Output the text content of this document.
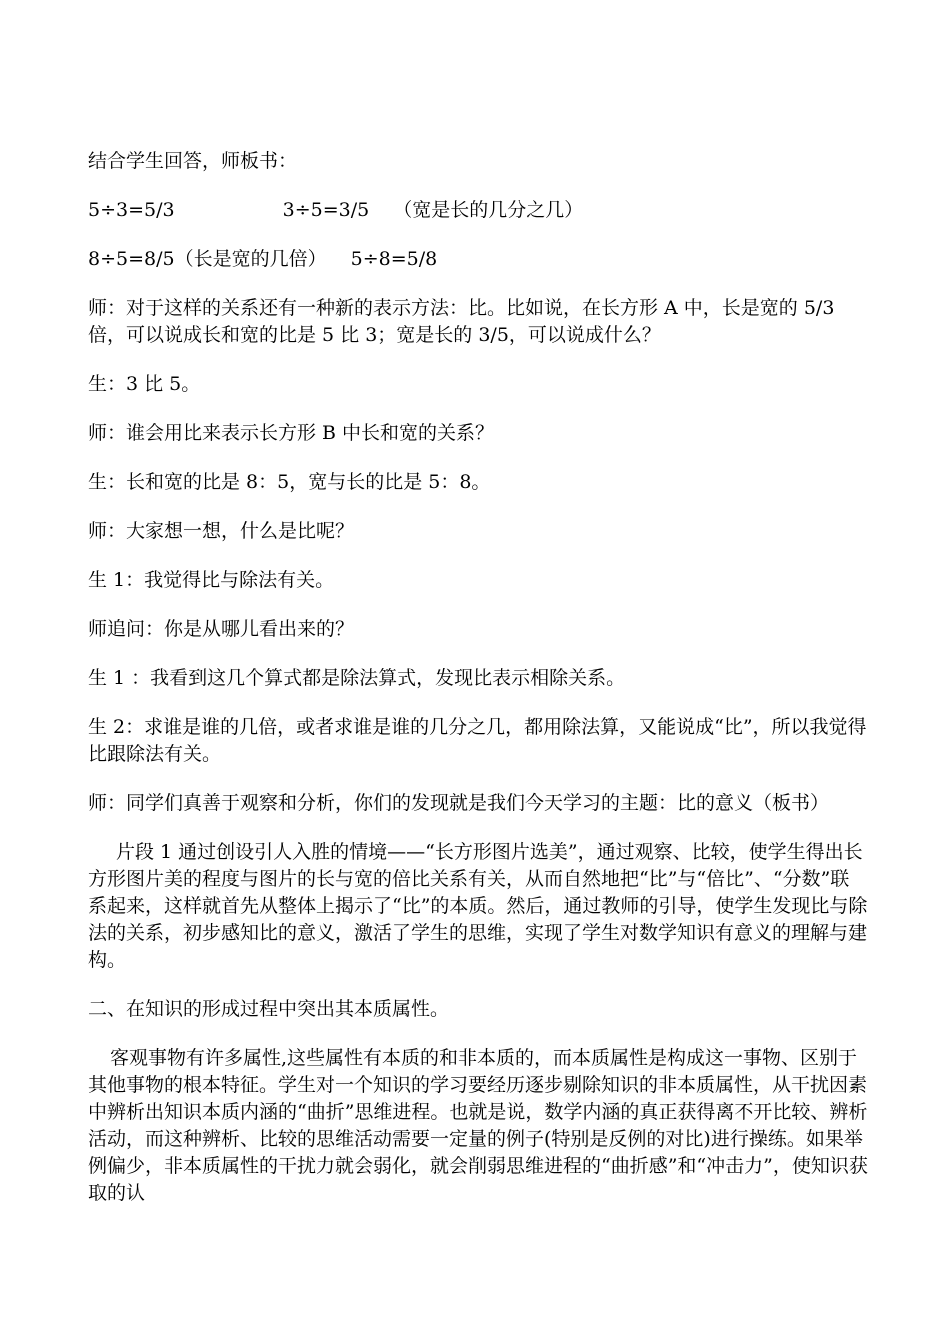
结合学生回答，师板书：

5÷3=5/3	3÷5=3/5 （宽是长的几分之几）
8÷5=8/5（长是宽的几倍） 5÷8=5/8

师：对于这样的关系还有一种新的表示方法：比。比如说，在长方形 A 中，长是宽的 5/3 倍，可以说成长和宽的比是 5 比 3；宽是长的 3/5，可以说成什么？

生：3 比 5。

师：谁会用比来表示长方形 B 中长和宽的关系？

生：长和宽的比是 8：5，宽与长的比是 5：8。

师：大家想一想，什么是比呢？

生 1：我觉得比与除法有关。

师追问：你是从哪儿看出来的？

生 1 ：我看到这几个算式都是除法算式，发现比表示相除关系。

生 2：求谁是谁的几倍，或者求谁是谁的几分之几，都用除法算，又能说成“比”，所以我觉得比跟除法有关。

师：同学们真善于观察和分析，你们的发现就是我们今天学习的主题：比的意义（板书）

片段 1 通过创设引人入胜的情境——“长方形图片选美”，通过观察、比较，使学生得出长方形图片美的程度与图片的长与宽的倍比关系有关，从而自然地把“比”与“倍比”、“分数”联系起来，这样就首先从整体上揭示了“比”的本质。然后，通过教师的引导，使学生发现比与除法的关系，初步感知比的意义，激活了学生的思维，实现了学生对数学知识有意义的理解与建构。

二、在知识的形成过程中突出其本质属性。

客观事物有许多属性,这些属性有本质的和非本质的，而本质属性是构成这一事物、区别于其他事物的根本特征。学生对一个知识的学习要经历逐步剔除知识的非本质属性，从干扰因素中辨析出知识本质内涵的“曲折”思维进程。也就是说，数学内涵的真正获得离不开比较、辨析活动，而这种辨析、比较的思维活动需要一定量的例子(特别是反例的对比)进行操练。如果举例偏少，非本质属性的干扰力就会弱化，就会削弱思维进程的“曲折感”和“冲击力”，使知识获取的认
